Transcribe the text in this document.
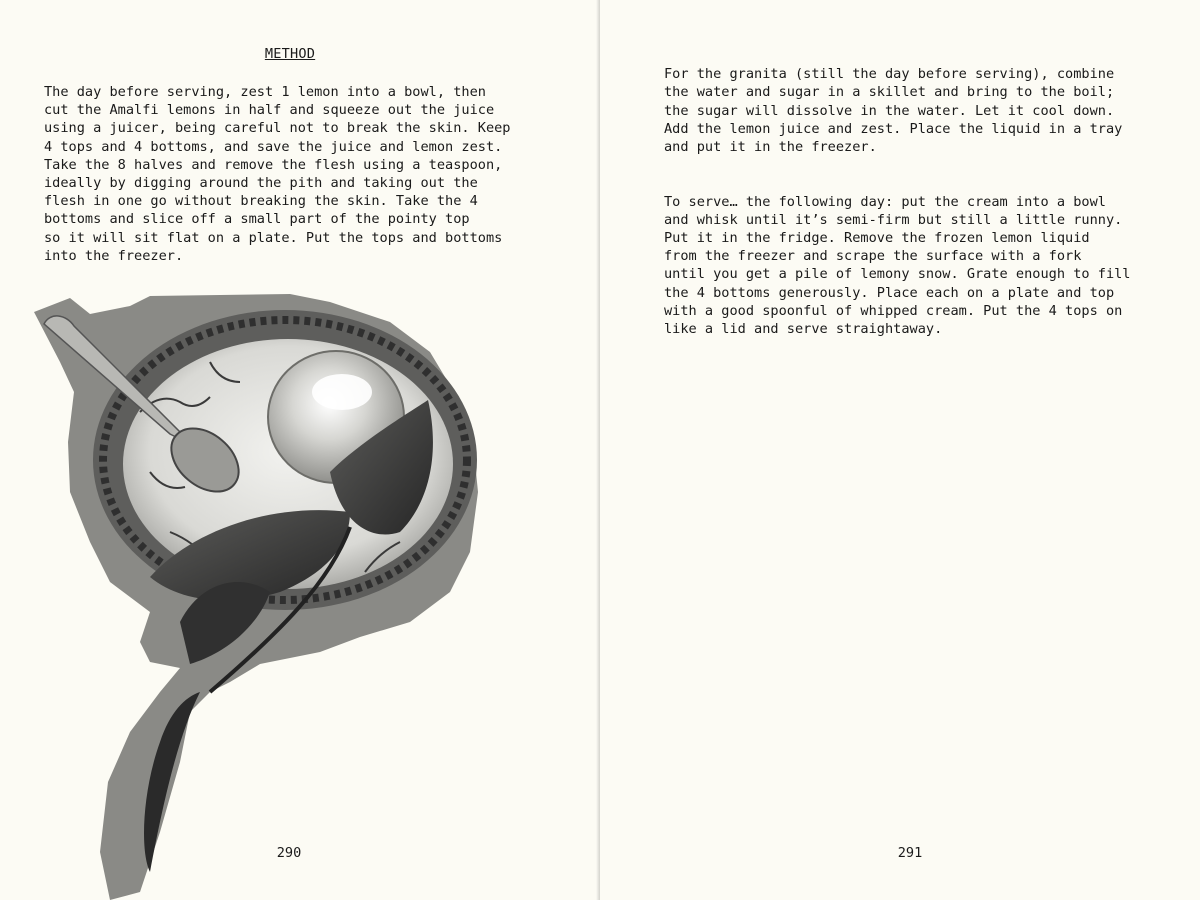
METHOD

The day before serving, zest 1 lemon into a bowl, then
cut the Amalfi lemons in half and squeeze out the juice
using a juicer, being careful not to break the skin. Keep
4 tops and 4 bottoms, and save the juice and lemon zest.
Take the 8 halves and remove the flesh using a teaspoon,
ideally by digging around the pith and taking out the
flesh in one go without breaking the skin. Take the 4
bottoms and slice off a small part of the pointy top
so it will sit flat on a plate. Put the tops and bottoms
into the freezer.

290

For the granita (still the day before serving), combine
the water and sugar in a skillet and bring to the boil;
the sugar will dissolve in the water. Let it cool down.
Add the lemon juice and zest. Place the liquid in a tray
and put it in the freezer.

To serve… the following day: put the cream into a bowl
and whisk until it’s semi-firm but still a little runny.
Put it in the fridge. Remove the frozen lemon liquid
from the freezer and scrape the surface with a fork
until you get a pile of lemony snow. Grate enough to fill
the 4 bottoms generously. Place each on a plate and top
with a good spoonful of whipped cream. Put the 4 tops on
like a lid and serve straightaway.

291
